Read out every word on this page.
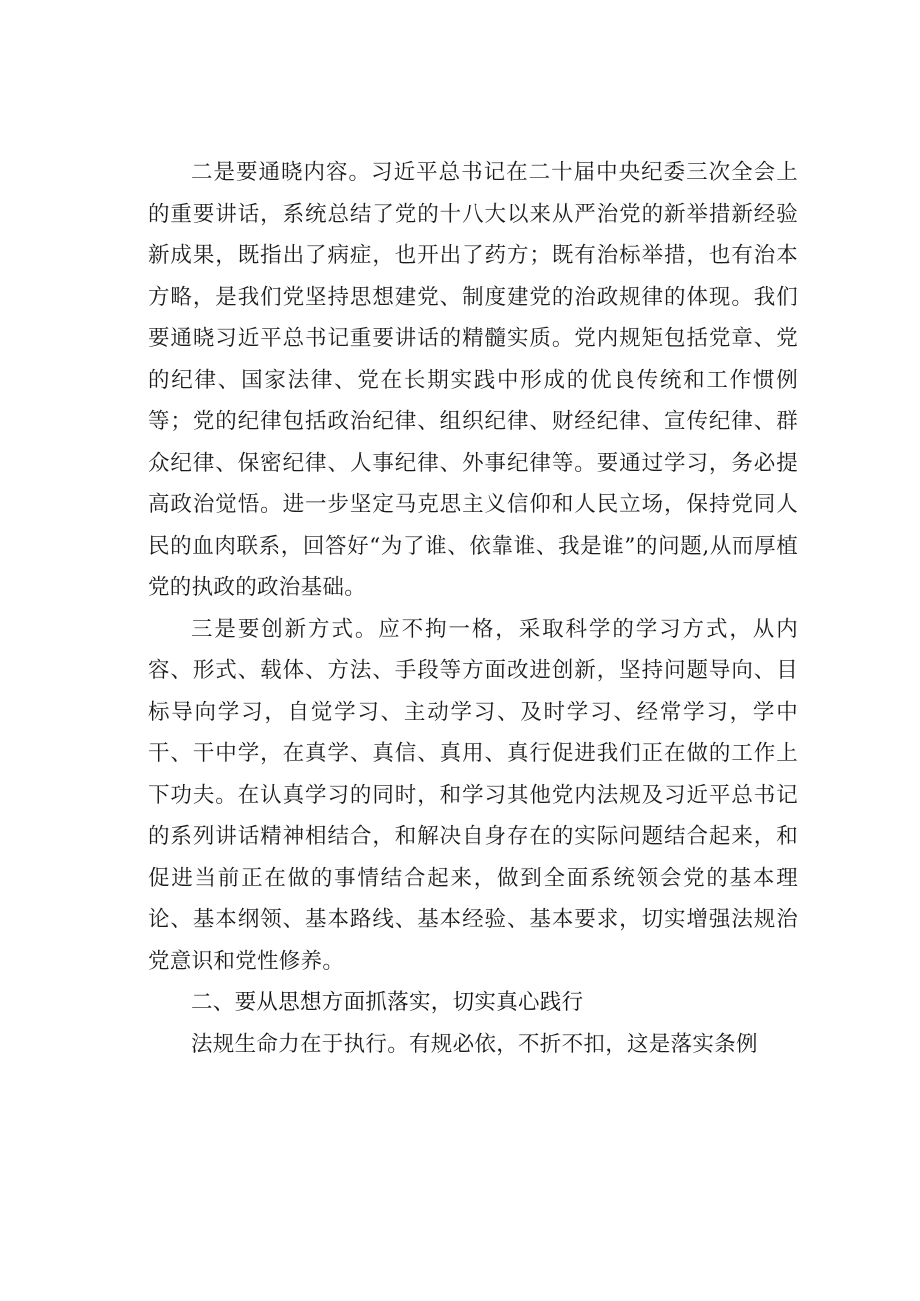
二是要通晓内容。习近平总书记在二十届中央纪委三次全会上的重要讲话，系统总结了党的十八大以来从严治党的新举措新经验新成果，既指出了病症，也开出了药方；既有治标举措，也有治本方略，是我们党坚持思想建党、制度建党的治政规律的体现。我们要通晓习近平总书记重要讲话的精髓实质。党内规矩包括党章、党的纪律、国家法律、党在长期实践中形成的优良传统和工作惯例等；党的纪律包括政治纪律、组织纪律、财经纪律、宣传纪律、群众纪律、保密纪律、人事纪律、外事纪律等。要通过学习，务必提高政治觉悟。进一步坚定马克思主义信仰和人民立场，保持党同人民的血肉联系，回答好“为了谁、依靠谁、我是谁”的问题,从而厚植党的执政的政治基础。

三是要创新方式。应不拘一格，采取科学的学习方式，从内容、形式、载体、方法、手段等方面改进创新，坚持问题导向、目标导向学习，自觉学习、主动学习、及时学习、经常学习，学中干、干中学，在真学、真信、真用、真行促进我们正在做的工作上下功夫。在认真学习的同时，和学习其他党内法规及习近平总书记的系列讲话精神相结合，和解决自身存在的实际问题结合起来，和促进当前正在做的事情结合起来，做到全面系统领会党的基本理论、基本纲领、基本路线、基本经验、基本要求，切实增强法规治党意识和党性修养。

二、要从思想方面抓落实，切实真心践行

法规生命力在于执行。有规必依，不折不扣，这是落实条例
